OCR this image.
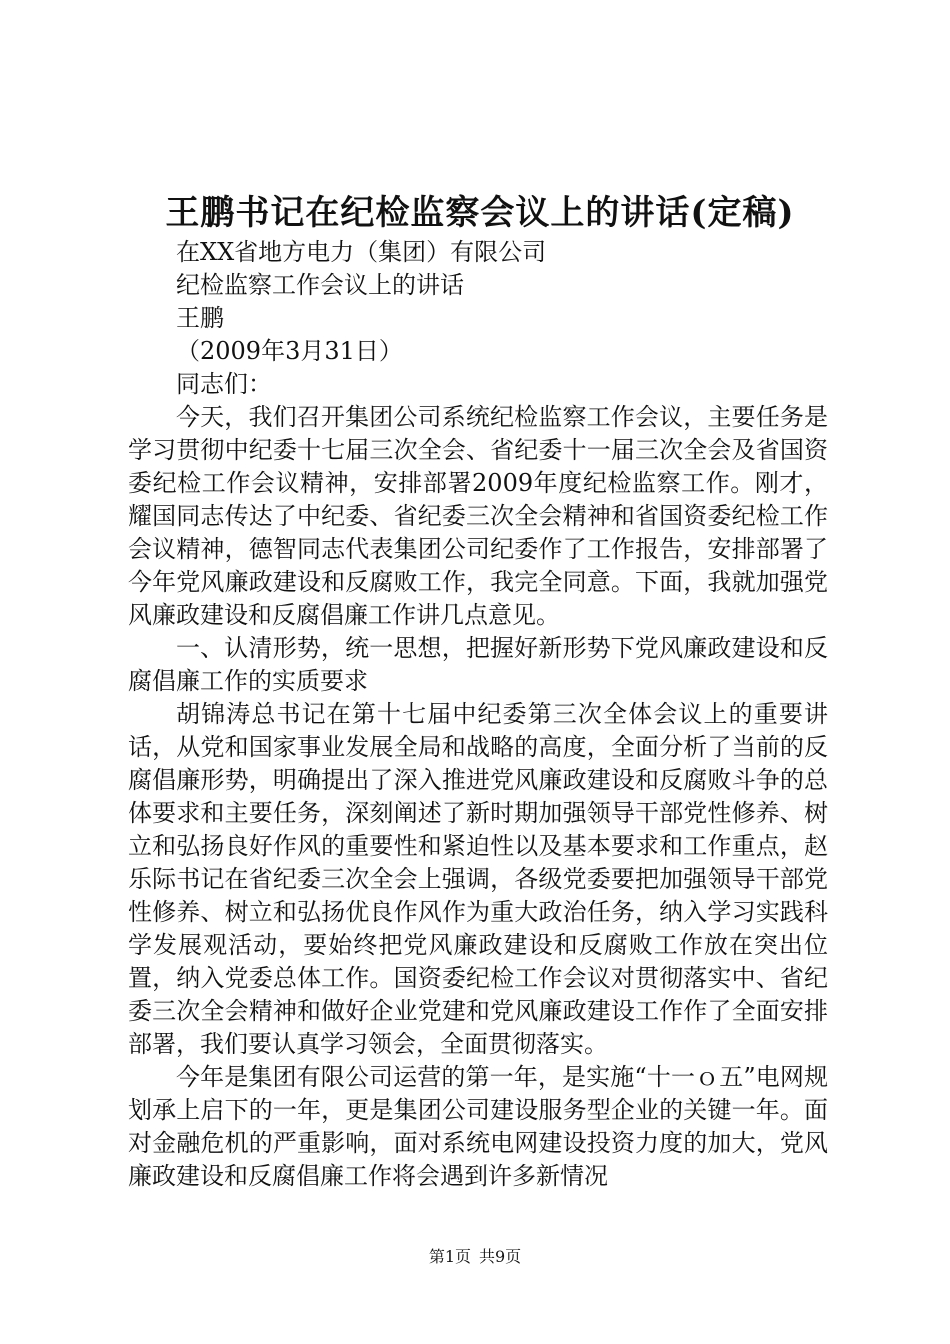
王鹏书记在纪检监察会议上的讲话(定稿)

在XX省地方电力（集团）有限公司

纪检监察工作会议上的讲话

王鹏

（2009年3月31日）

同志们：

今天，我们召开集团公司系统纪检监察工作会议，主要任务是学习贯彻中纪委十七届三次全会、省纪委十一届三次全会及省国资委纪检工作会议精神，安排部署2009年度纪检监察工作。刚才，耀国同志传达了中纪委、省纪委三次全会精神和省国资委纪检工作会议精神，德智同志代表集团公司纪委作了工作报告，安排部署了今年党风廉政建设和反腐败工作，我完全同意。下面，我就加强党风廉政建设和反腐倡廉工作讲几点意见。

一、认清形势，统一思想，把握好新形势下党风廉政建设和反腐倡廉工作的实质要求

胡锦涛总书记在第十七届中纪委第三次全体会议上的重要讲话，从党和国家事业发展全局和战略的高度，全面分析了当前的反腐倡廉形势，明确提出了深入推进党风廉政建设和反腐败斗争的总体要求和主要任务，深刻阐述了新时期加强领导干部党性修养、树立和弘扬良好作风的重要性和紧迫性以及基本要求和工作重点，赵乐际书记在省纪委三次全会上强调，各级党委要把加强领导干部党性修养、树立和弘扬优良作风作为重大政治任务，纳入学习实践科学发展观活动，要始终把党风廉政建设和反腐败工作放在突出位置，纳入党委总体工作。国资委纪检工作会议对贯彻落实中、省纪委三次全会精神和做好企业党建和党风廉政建设工作作了全面安排部署，我们要认真学习领会，全面贯彻落实。

今年是集团有限公司运营的第一年，是实施“十一ｏ五”电网规划承上启下的一年，更是集团公司建设服务型企业的关键一年。面对金融危机的严重影响，面对系统电网建设投资力度的加大，党风廉政建设和反腐倡廉工作将会遇到许多新情况

第1页 共9页
